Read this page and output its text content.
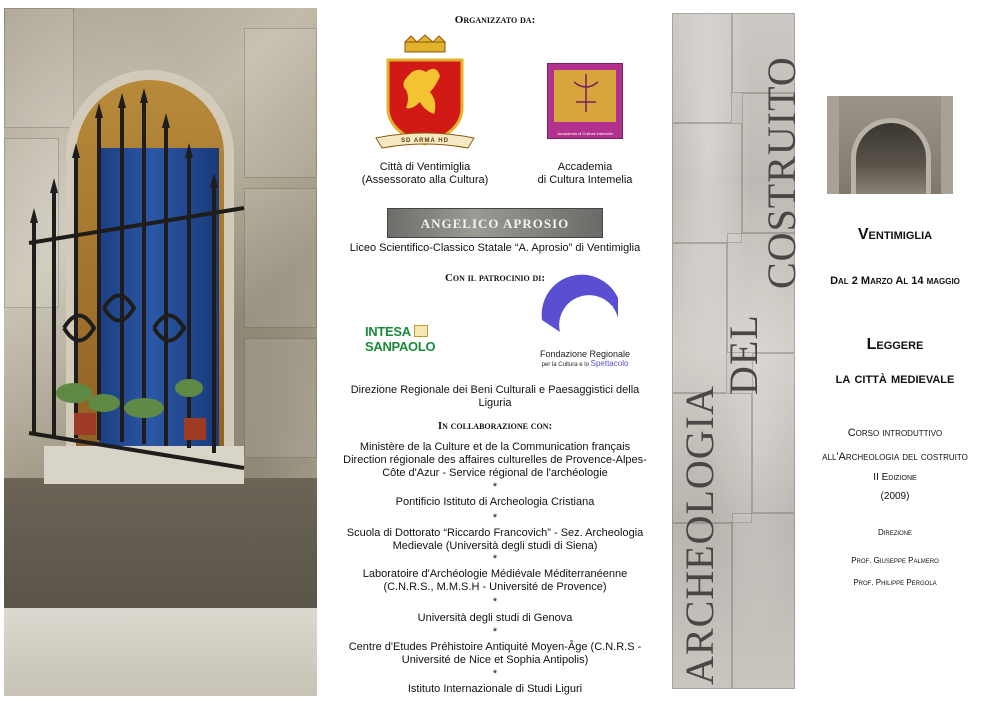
Organizzato da:
SD ARMA HD
Accademia di Cultura Intemelia
Città di Ventimiglia
(Assessorato alla Cultura)
Accademia
di Cultura Intemelia
ANGELICO APROSIO
Liceo Scientifico-Classico Statale “A. Aprosio” di Ventimiglia
Con il patrocinio di:
INTESASANPAOLO
LIGURIA
Fondazione Regionale
per la Cultura e lo Spettacolo
Direzione Regionale dei Beni Culturali e Paesaggistici della Liguria
In collaborazione con:
Ministère de la Culture et de la Communication français Direction régionale des affaires culturelles de Provence-Alpes-Côte d'Azur - Service régional de l'archéologie
*
Pontificio Istituto di Archeologia Cristiana
*
Scuola di Dottorato “Riccardo Francovich” - Sez. Archeologia Medievale (Università degli studi di Siena)
*
Laboratoire d'Archéologie Médiévale Méditerranéenne (C.N.R.S., M.M.S.H - Université de Provence)
*
Università degli studi di Genova
*
Centre d'Etudes Préhistoire Antiquité Moyen-Âge (C.N.R.S - Université de Nice et Sophia Antipolis)
*
Istituto Internazionale di Studi Liguri
ARCHEOLOGIA
DEL
COSTRUITO	Ventimiglia
Dal 2 Marzo Al 14 maggio
Leggere
la città medievale
Corso introduttivo
all'Archeologia del costruito
II Edizione
(2009)
Direzione
Prof. Giuseppe Palmero
Prof. Philippe Pergola
